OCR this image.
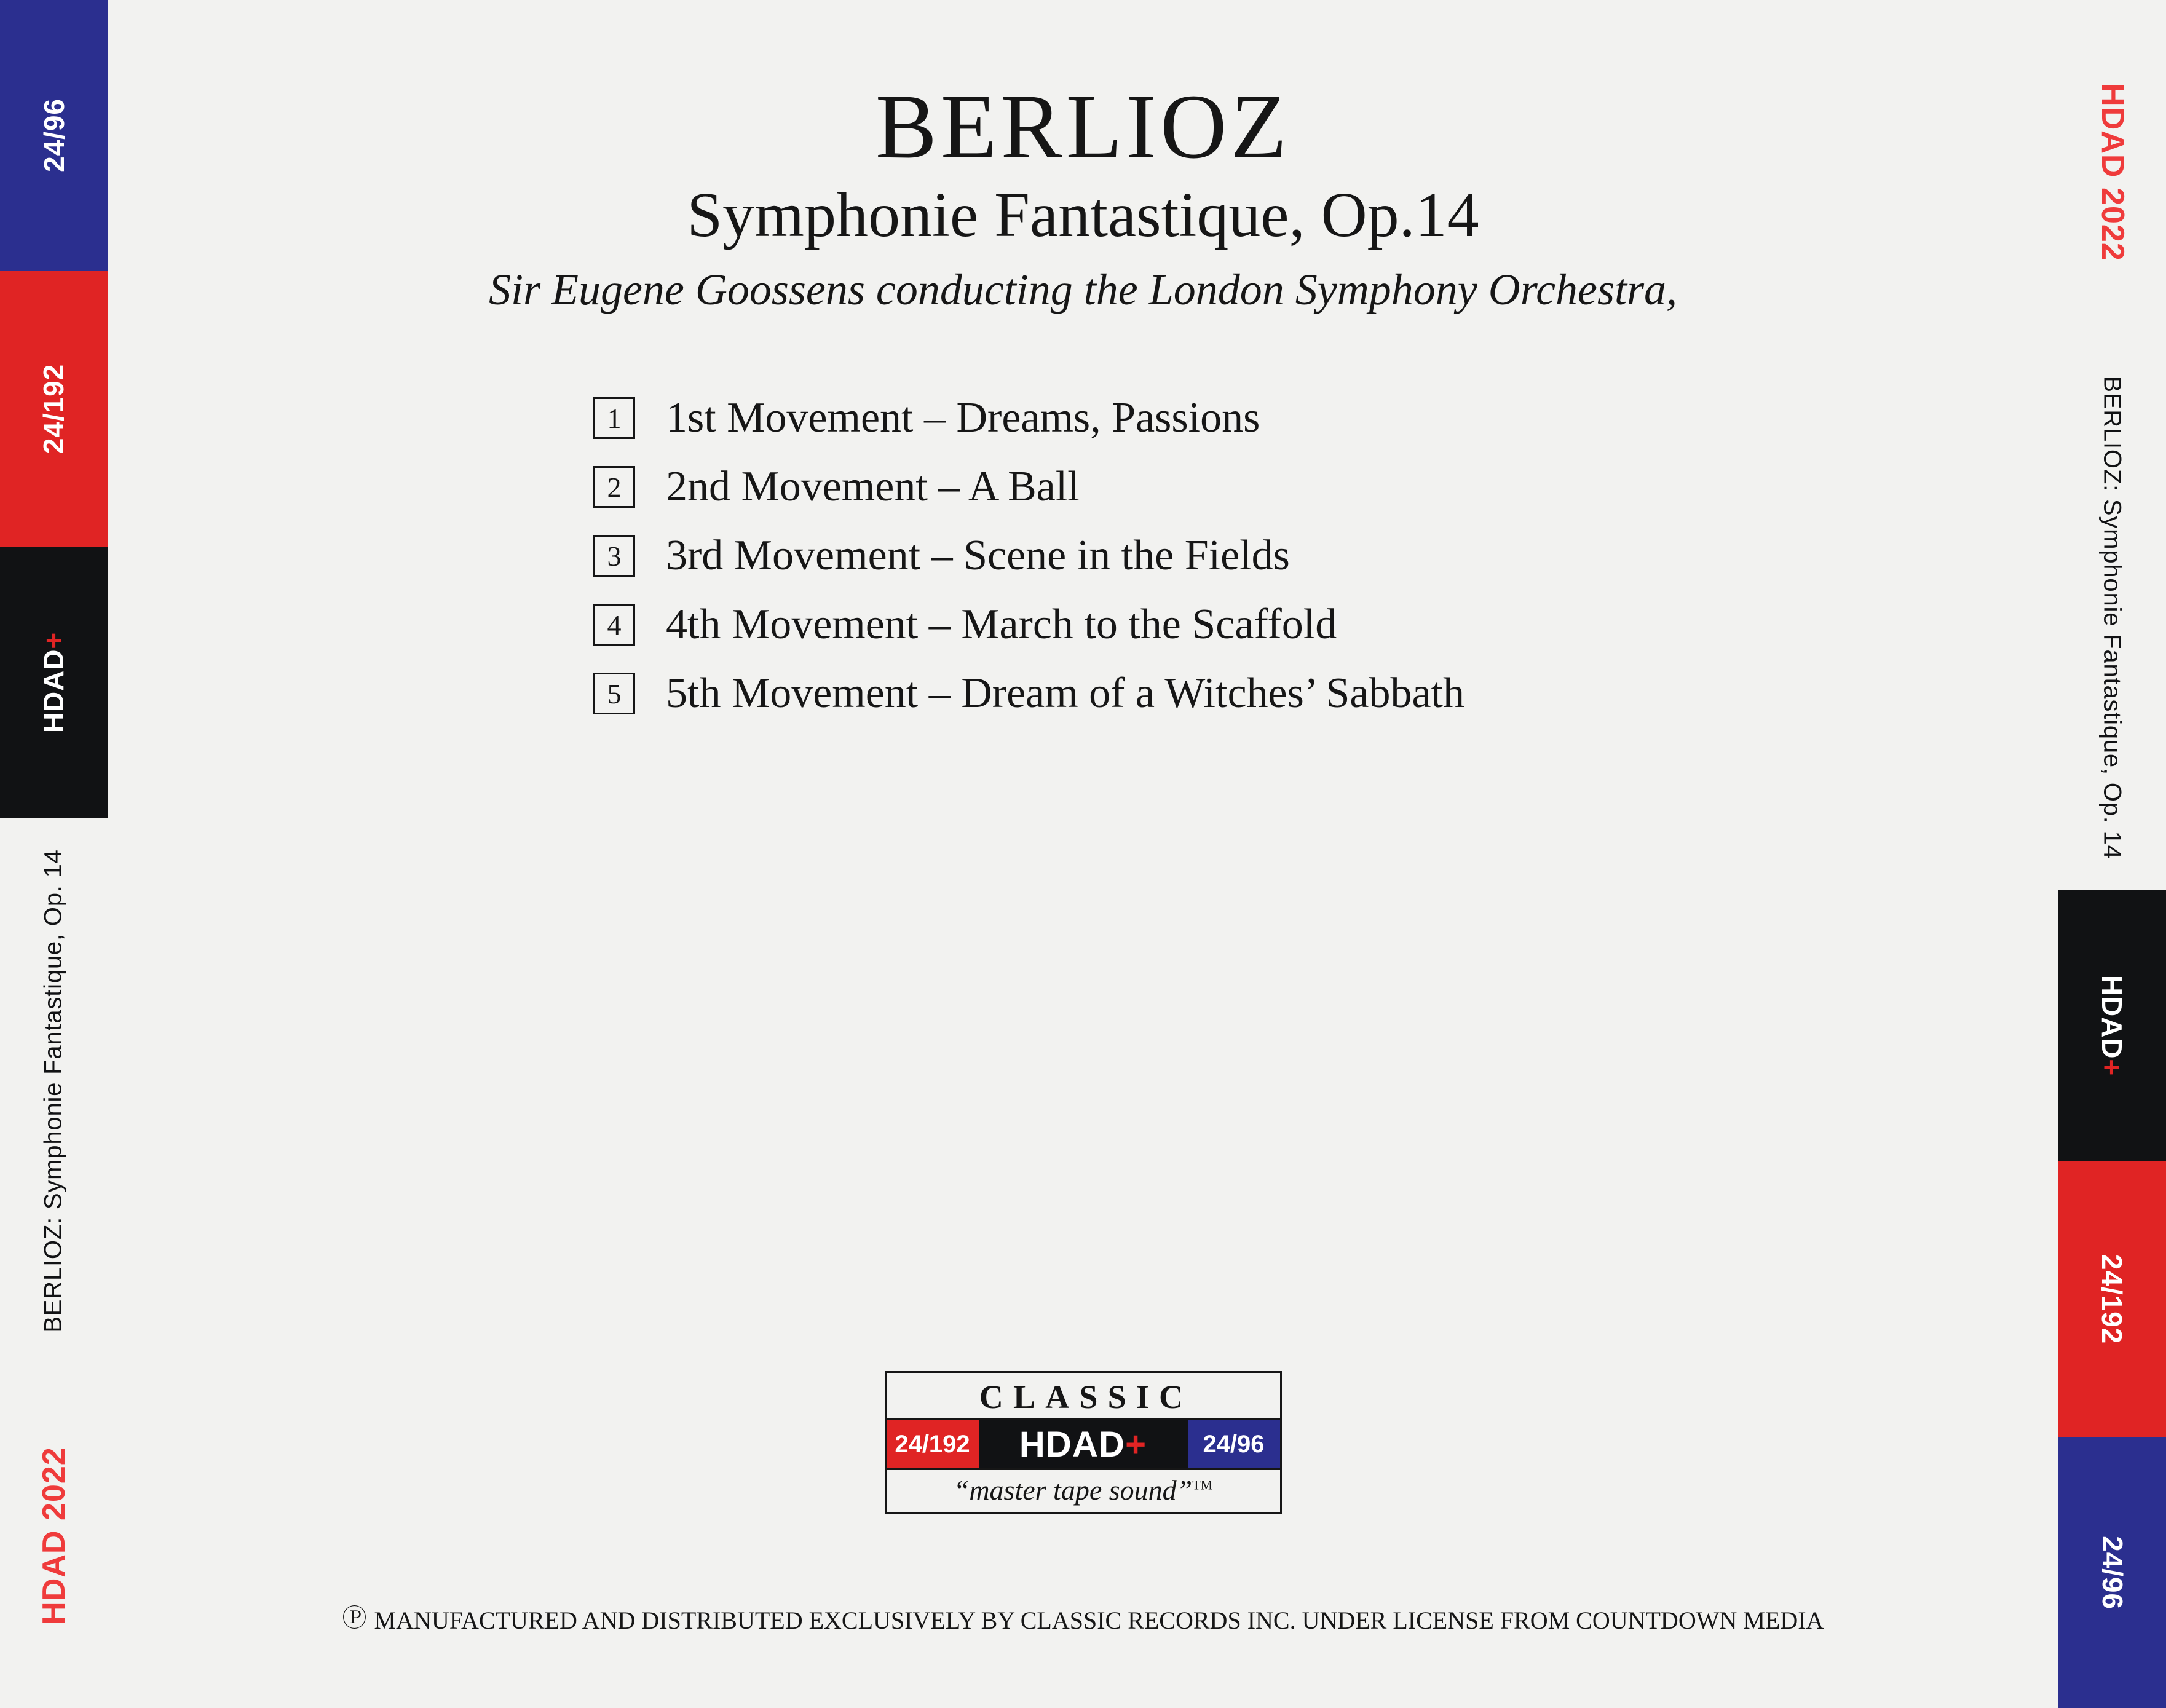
24/96
24/192
HDAD+
BERLIOZ: Symphonie Fantastique, Op. 14
HDAD 2022
HDAD 2022
BERLIOZ: Symphonie Fantastique, Op. 14
HDAD+
24/192
24/96
BERLIOZ
Symphonie Fantastique, Op.14
Sir Eugene Goossens conducting the London Symphony Orchestra,
1	1st Movement – Dreams, Passions
2	2nd Movement – A Ball
3	3rd Movement – Scene in the Fields
4	4th Movement – March to the Scaffold
5	5th Movement – Dream of a Witches’ Sabbath
CLASSIC
24/192 HDAD +	24/96
“master tape sound”™
Ⓟ MANUFACTURED AND DISTRIBUTED EXCLUSIVELY BY CLASSIC RECORDS INC. UNDER LICENSE FROM COUNTDOWN MEDIA
